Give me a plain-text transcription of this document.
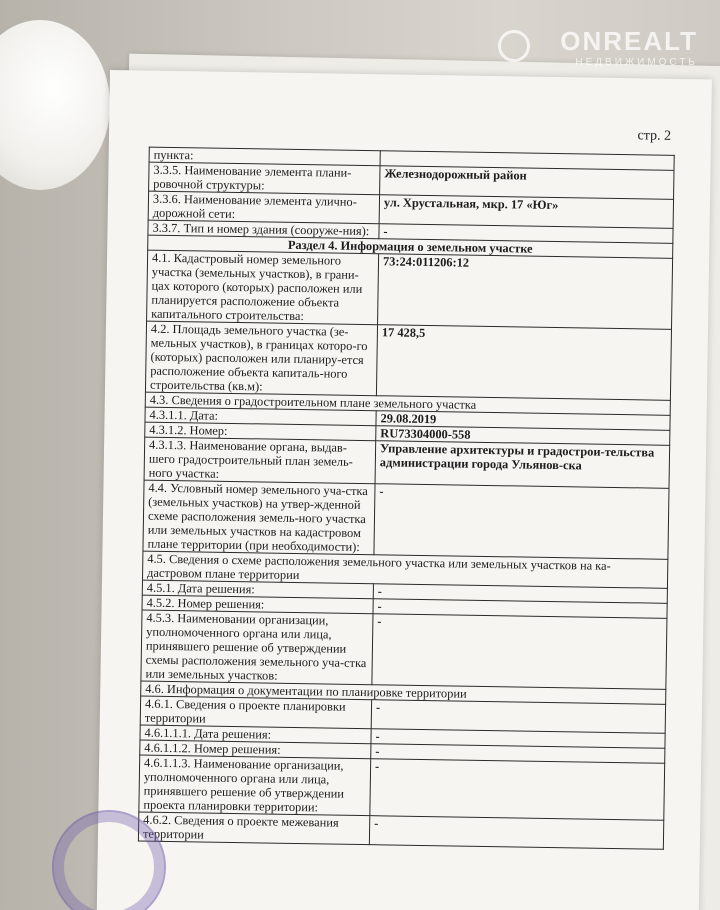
стр. 2
пункта:	
3.3.5. Наименование элемента плани-ровочной структуры:	Железнодорожный район
3.3.6. Наименование элемента улично-дорожной сети:	ул. Хрустальная, мкр. 17 «Юг»
3.3.7. Тип и номер здания (сооруже-ния):	-
Раздел 4. Информация о земельном участке	
4.1. Кадастровый номер земельного участка (земельных участков), в грани-цах которого (которых) расположен или планируется расположение объекта капитального строительства:	73:24:011206:12
4.2. Площадь земельного участка (зе-мельных участков), в границах которо-го (которых) расположен или планиру-ется расположение объекта капиталь-ного строительства (кв.м):	17 428,5
4.3. Сведения о градостроительном плане земельного участка	
4.3.1.1. Дата:	29.08.2019
4.3.1.2. Номер:	RU73304000-558
4.3.1.3. Наименование органа, выдав-шего градостроительный план земель-ного участка:	Управление архитектуры и градострои-тельства администрации города Ульянов-ска
4.4. Условный номер земельного уча-стка (земельных участков) на утвер-жденной схеме расположения земель-ного участка или земельных участков на кадастровом плане территории (при необходимости):	-
4.5. Сведения о схеме расположения земельного участка или земельных участков на ка-дастровом плане территории	
4.5.1. Дата решения:	-
4.5.2. Номер решения:	-
4.5.3. Наименовании организации, уполномоченного органа или лица, принявшего решение об утверждении схемы расположения земельного уча-стка или земельных участков:	-
4.6. Информация о документации по планировке территории	
4.6.1. Сведения о проекте планировки территории	-
4.6.1.1.1. Дата решения:	-
4.6.1.1.2. Номер решения:	-
4.6.1.1.3. Наименование организации, уполномоченного органа или лица, принявшего решение об утверждении проекта планировки территории:	-
4.6.2. Сведения о проекте межевания территории	-
ONREALT
НЕДВИЖИМОСТЬ
